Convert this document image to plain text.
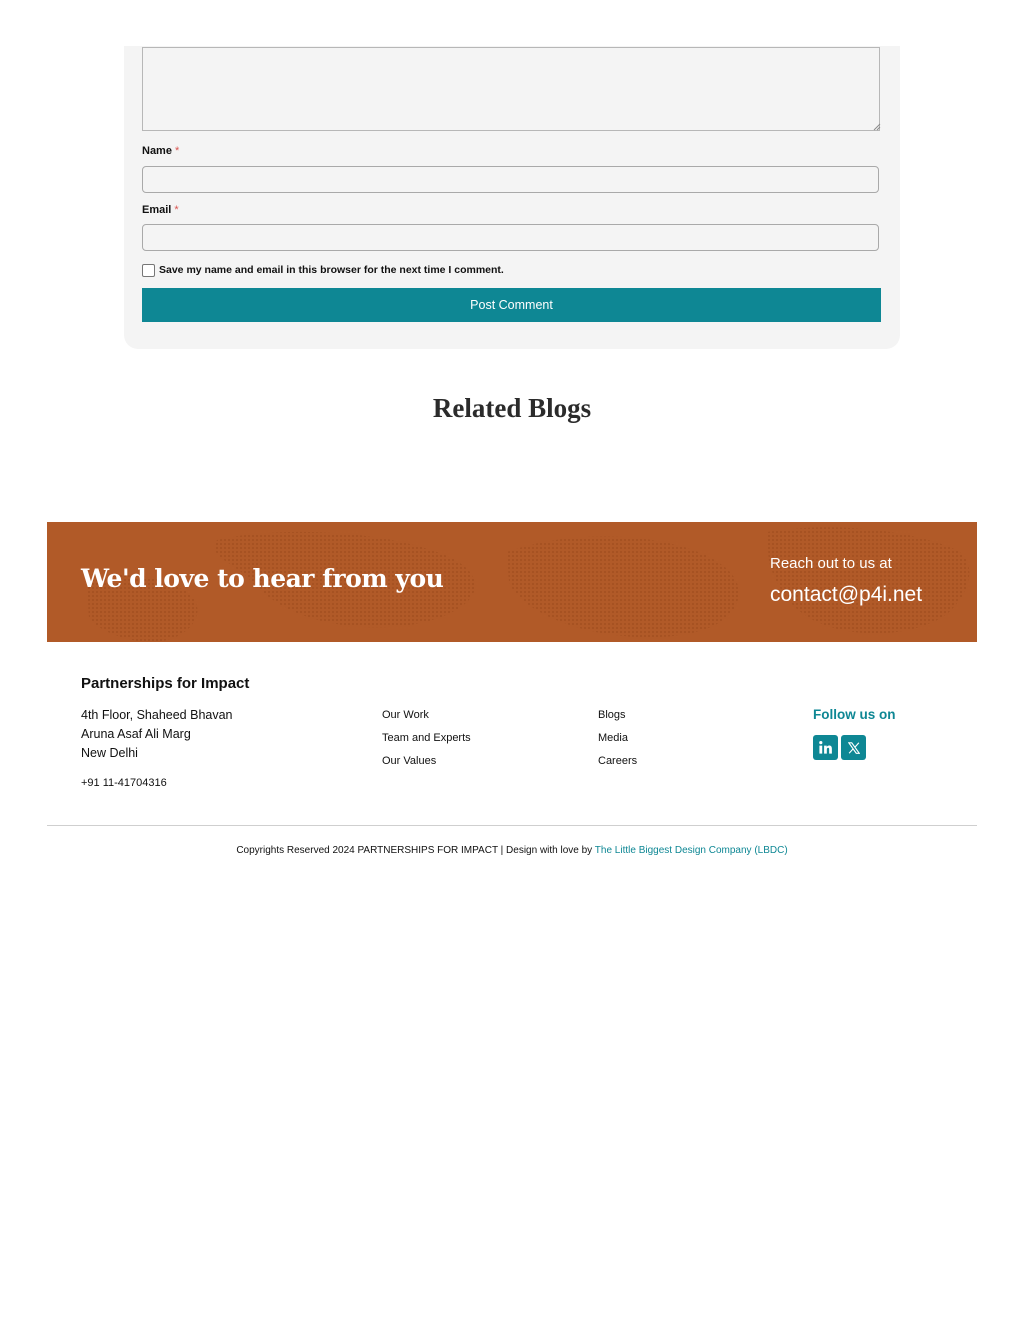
Name *
Email *
Save my name and email in this browser for the next time I comment.
Post Comment
Related Blogs
We'd love to hear from you
Reach out to us at
contact@p4i.net
Partnerships for Impact
4th Floor, Shaheed Bhavan
Aruna Asaf Ali Marg
New Delhi
+91 11-41704316
Our Work
Team and Experts
Our Values
Blogs
Media
Careers
Follow us on
Copyrights Reserved 2024 PARTNERSHIPS FOR IMPACT | Design with love by The Little Biggest Design Company (LBDC)
